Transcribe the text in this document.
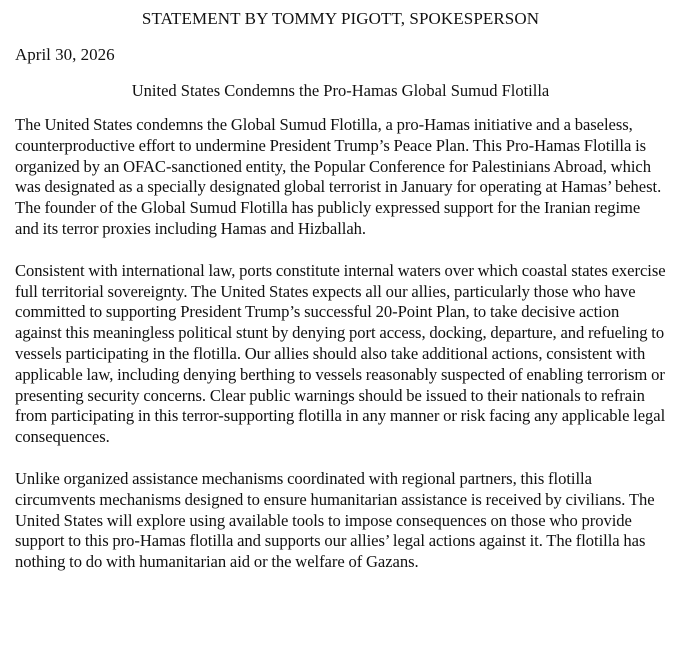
STATEMENT BY TOMMY PIGOTT, SPOKESPERSON
April 30, 2026
United States Condemns the Pro-Hamas Global Sumud Flotilla

The United States condemns the Global Sumud Flotilla, a pro-Hamas initiative and a baseless, counterproductive effort to undermine President Trump’s Peace Plan. This Pro-Hamas Flotilla is organized by an OFAC-sanctioned entity, the Popular Conference for Palestinians Abroad, which was designated as a specially designated global terrorist in January for operating at Hamas’ behest. The founder of the Global Sumud Flotilla has publicly expressed support for the Iranian regime and its terror proxies including Hamas and Hizballah.

Consistent with international law, ports constitute internal waters over which coastal states exercise full territorial sovereignty. The United States expects all our allies, particularly those who have committed to supporting President Trump’s successful 20-Point Plan, to take decisive action against this meaningless political stunt by denying port access, docking, departure, and refueling to vessels participating in the flotilla. Our allies should also take additional actions, consistent with applicable law, including denying berthing to vessels reasonably suspected of enabling terrorism or presenting security concerns. Clear public warnings should be issued to their nationals to refrain from participating in this terror-supporting flotilla in any manner or risk facing any applicable legal consequences.

Unlike organized assistance mechanisms coordinated with regional partners, this flotilla circumvents mechanisms designed to ensure humanitarian assistance is received by civilians. The United States will explore using available tools to impose consequences on those who provide support to this pro-Hamas flotilla and supports our allies’ legal actions against it. The flotilla has nothing to do with humanitarian aid or the welfare of Gazans.
